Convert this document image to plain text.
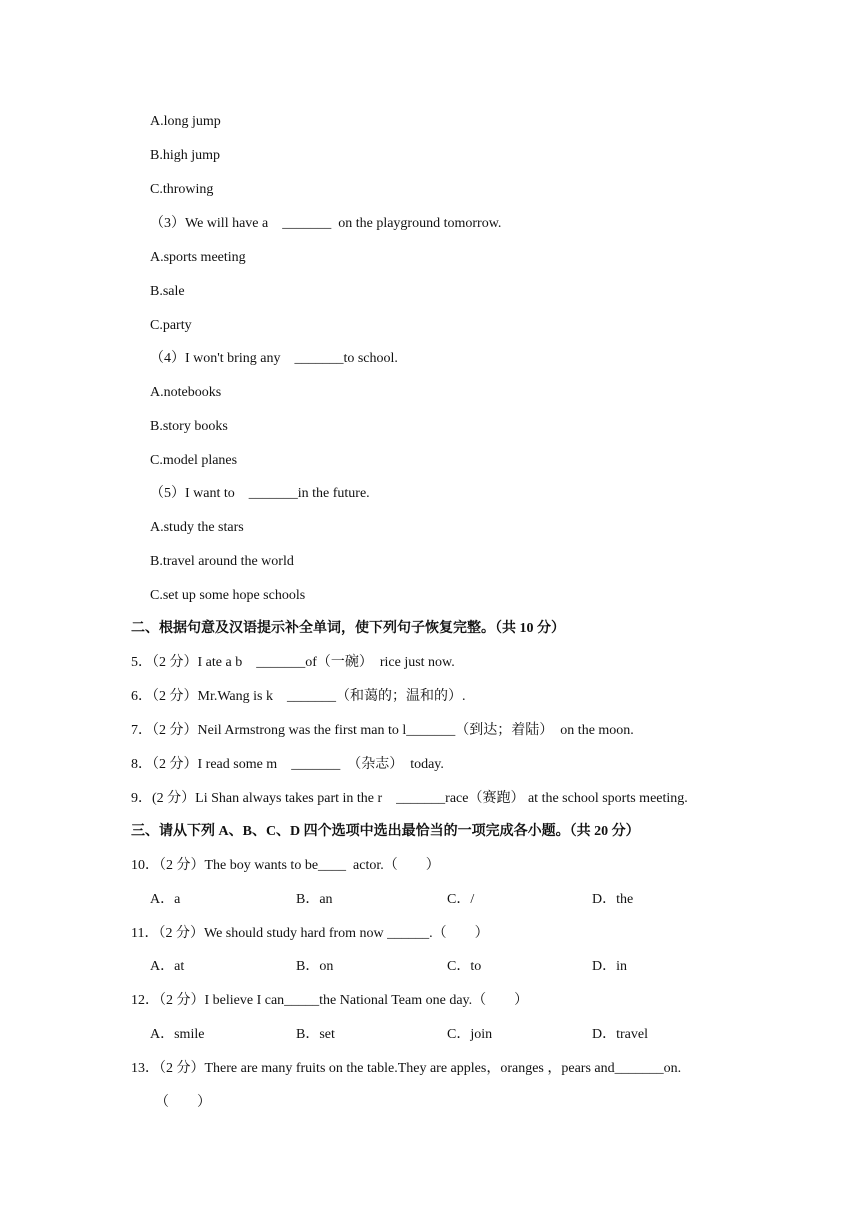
A.long jump
B.high jump
C.throwing
（3）We will have a    _______  on the playground tomorrow.
A.sports meeting
B.sale
C.party
（4）I won't bring any    _______to school.
A.notebooks
B.story books
C.model planes
（5）I want to    _______in the future.
A.study the stars
B.travel around the world
C.set up some hope schools
二、根据句意及汉语提示补全单词，使下列句子恢复完整。（共 10 分）
5．（2 分）I ate a b    _______of（一碗）  rice just now.
6．（2 分）Mr.Wang is k    _______（和蔼的；温和的）.
7．（2 分）Neil Armstrong was the first man to l_______（到达；着陆）  on the moon.
8．（2 分）I read some m    _______  （杂志）  today.
9．(2 分）Li Shan always takes part in the r    _______race（赛跑） at the school sports meeting.
三、请从下列 A、B、C、D 四个选项中选出最恰当的一项完成各小题。（共 20 分）
10．（2 分）The boy wants to be____  actor.（        ）
11．（2 分）We should study hard from now ______.（        ）
12．（2 分）I believe I can_____the National Team one day.（        ）
13．（2 分）There are many fruits on the table.They are apples，oranges ，pears and_______on.
（        ）
A．a	B．an	C．/	D．the
A．at	B．on	C．to	D．in
A．smile	B．set	C．join	D．travel
